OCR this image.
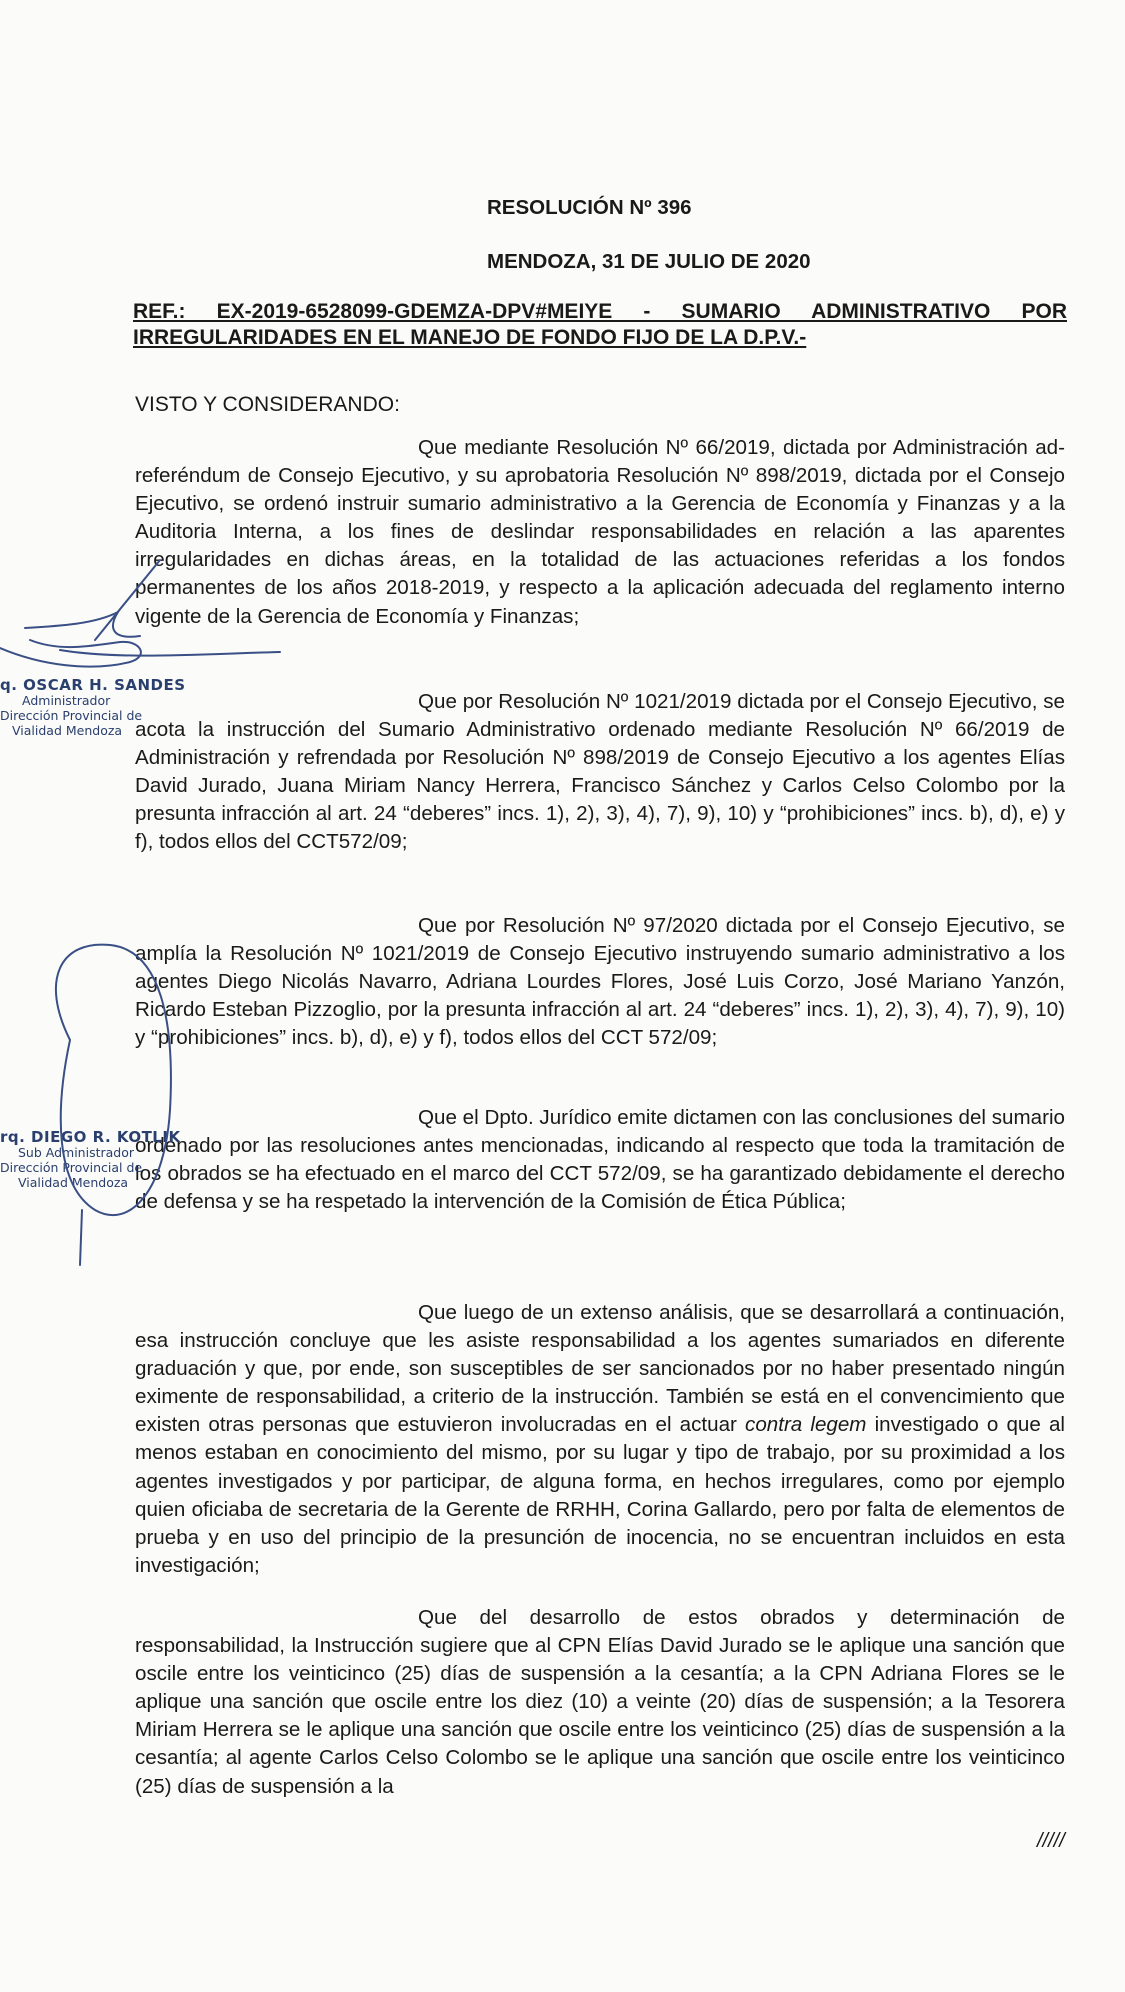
RESOLUCIÓN Nº 396
MENDOZA, 31 DE JULIO DE 2020
REF.: EX-2019-6528099-GDEMZA-DPV#MEIYE - SUMARIO ADMINISTRATIVO POR IRREGULARIDADES EN EL MANEJO DE FONDO FIJO DE LA D.P.V.-
VISTO Y CONSIDERANDO:

Que mediante Resolución Nº 66/2019, dictada por Administración ad-referéndum de Consejo Ejecutivo, y su aprobatoria Resolución Nº 898/2019, dictada por el Consejo Ejecutivo, se ordenó instruir sumario administrativo a la Gerencia de Economía y Finanzas y a la Auditoria Interna, a los fines de deslindar responsabilidades en relación a las aparentes irregularidades en dichas áreas, en la totalidad de las actuaciones referidas a los fondos permanentes de los años 2018-2019, y respecto a la aplicación adecuada del reglamento interno vigente de la Gerencia de Economía y Finanzas;

Que por Resolución Nº 1021/2019 dictada por el Consejo Ejecutivo, se acota la instrucción del Sumario Administrativo ordenado mediante Resolución Nº 66/2019 de Administración y refrendada por Resolución Nº 898/2019 de Consejo Ejecutivo a los agentes Elías David Jurado, Juana Miriam Nancy Herrera, Francisco Sánchez y Carlos Celso Colombo por la presunta infracción al art. 24 “deberes” incs. 1), 2), 3), 4), 7), 9), 10) y “prohibiciones” incs. b), d), e) y f), todos ellos del CCT572/09;

Que por Resolución Nº 97/2020 dictada por el Consejo Ejecutivo, se amplía la Resolución Nº 1021/2019 de Consejo Ejecutivo instruyendo sumario administrativo a los agentes Diego Nicolás Navarro, Adriana Lourdes Flores, José Luis Corzo, José Mariano Yanzón, Ricardo Esteban Pizzoglio, por la presunta infracción al art. 24 “deberes” incs. 1), 2), 3), 4), 7), 9), 10) y “prohibiciones” incs. b), d), e) y f), todos ellos del CCT 572/09;

Que el Dpto. Jurídico emite dictamen con las conclusiones del sumario ordenado por las resoluciones antes mencionadas, indicando al respecto que toda la tramitación de los obrados se ha efectuado en el marco del CCT 572/09, se ha garantizado debidamente el derecho de defensa y se ha respetado la intervención de la Comisión de Ética Pública;

Que luego de un extenso análisis, que se desarrollará a continuación, esa instrucción concluye que les asiste responsabilidad a los agentes sumariados en diferente graduación y que, por ende, son susceptibles de ser sancionados por no haber presentado ningún eximente de responsabilidad, a criterio de la instrucción. También se está en el convencimiento que existen otras personas que estuvieron involucradas en el actuar contra legem investigado o que al menos estaban en conocimiento del mismo, por su lugar y tipo de trabajo, por su proximidad a los agentes investigados y por participar, de alguna forma, en hechos irregulares, como por ejemplo quien oficiaba de secretaria de la Gerente de RRHH, Corina Gallardo, pero por falta de elementos de prueba y en uso del principio de la presunción de inocencia, no se encuentran incluidos en esta investigación;

Que del desarrollo de estos obrados y determinación de responsabilidad, la Instrucción sugiere que al CPN Elías David Jurado se le aplique una sanción que oscile entre los veinticinco (25) días de suspensión a la cesantía; a la CPN Adriana Flores se le aplique una sanción que oscile entre los diez (10) a veinte (20) días de suspensión; a la Tesorera Miriam Herrera se le aplique una sanción que oscile entre los veinticinco (25) días de suspensión a la cesantía; al agente Carlos Celso Colombo se le aplique una sanción que oscile entre los veinticinco (25) días de suspensión a la

/////
q. OSCAR H. SANDES
Administrador
Dirección Provincial de
Vialidad Mendoza
rq. DIEGO R. KOTLIK
Sub Administrador
Dirección Provincial de
Vialidad Mendoza
